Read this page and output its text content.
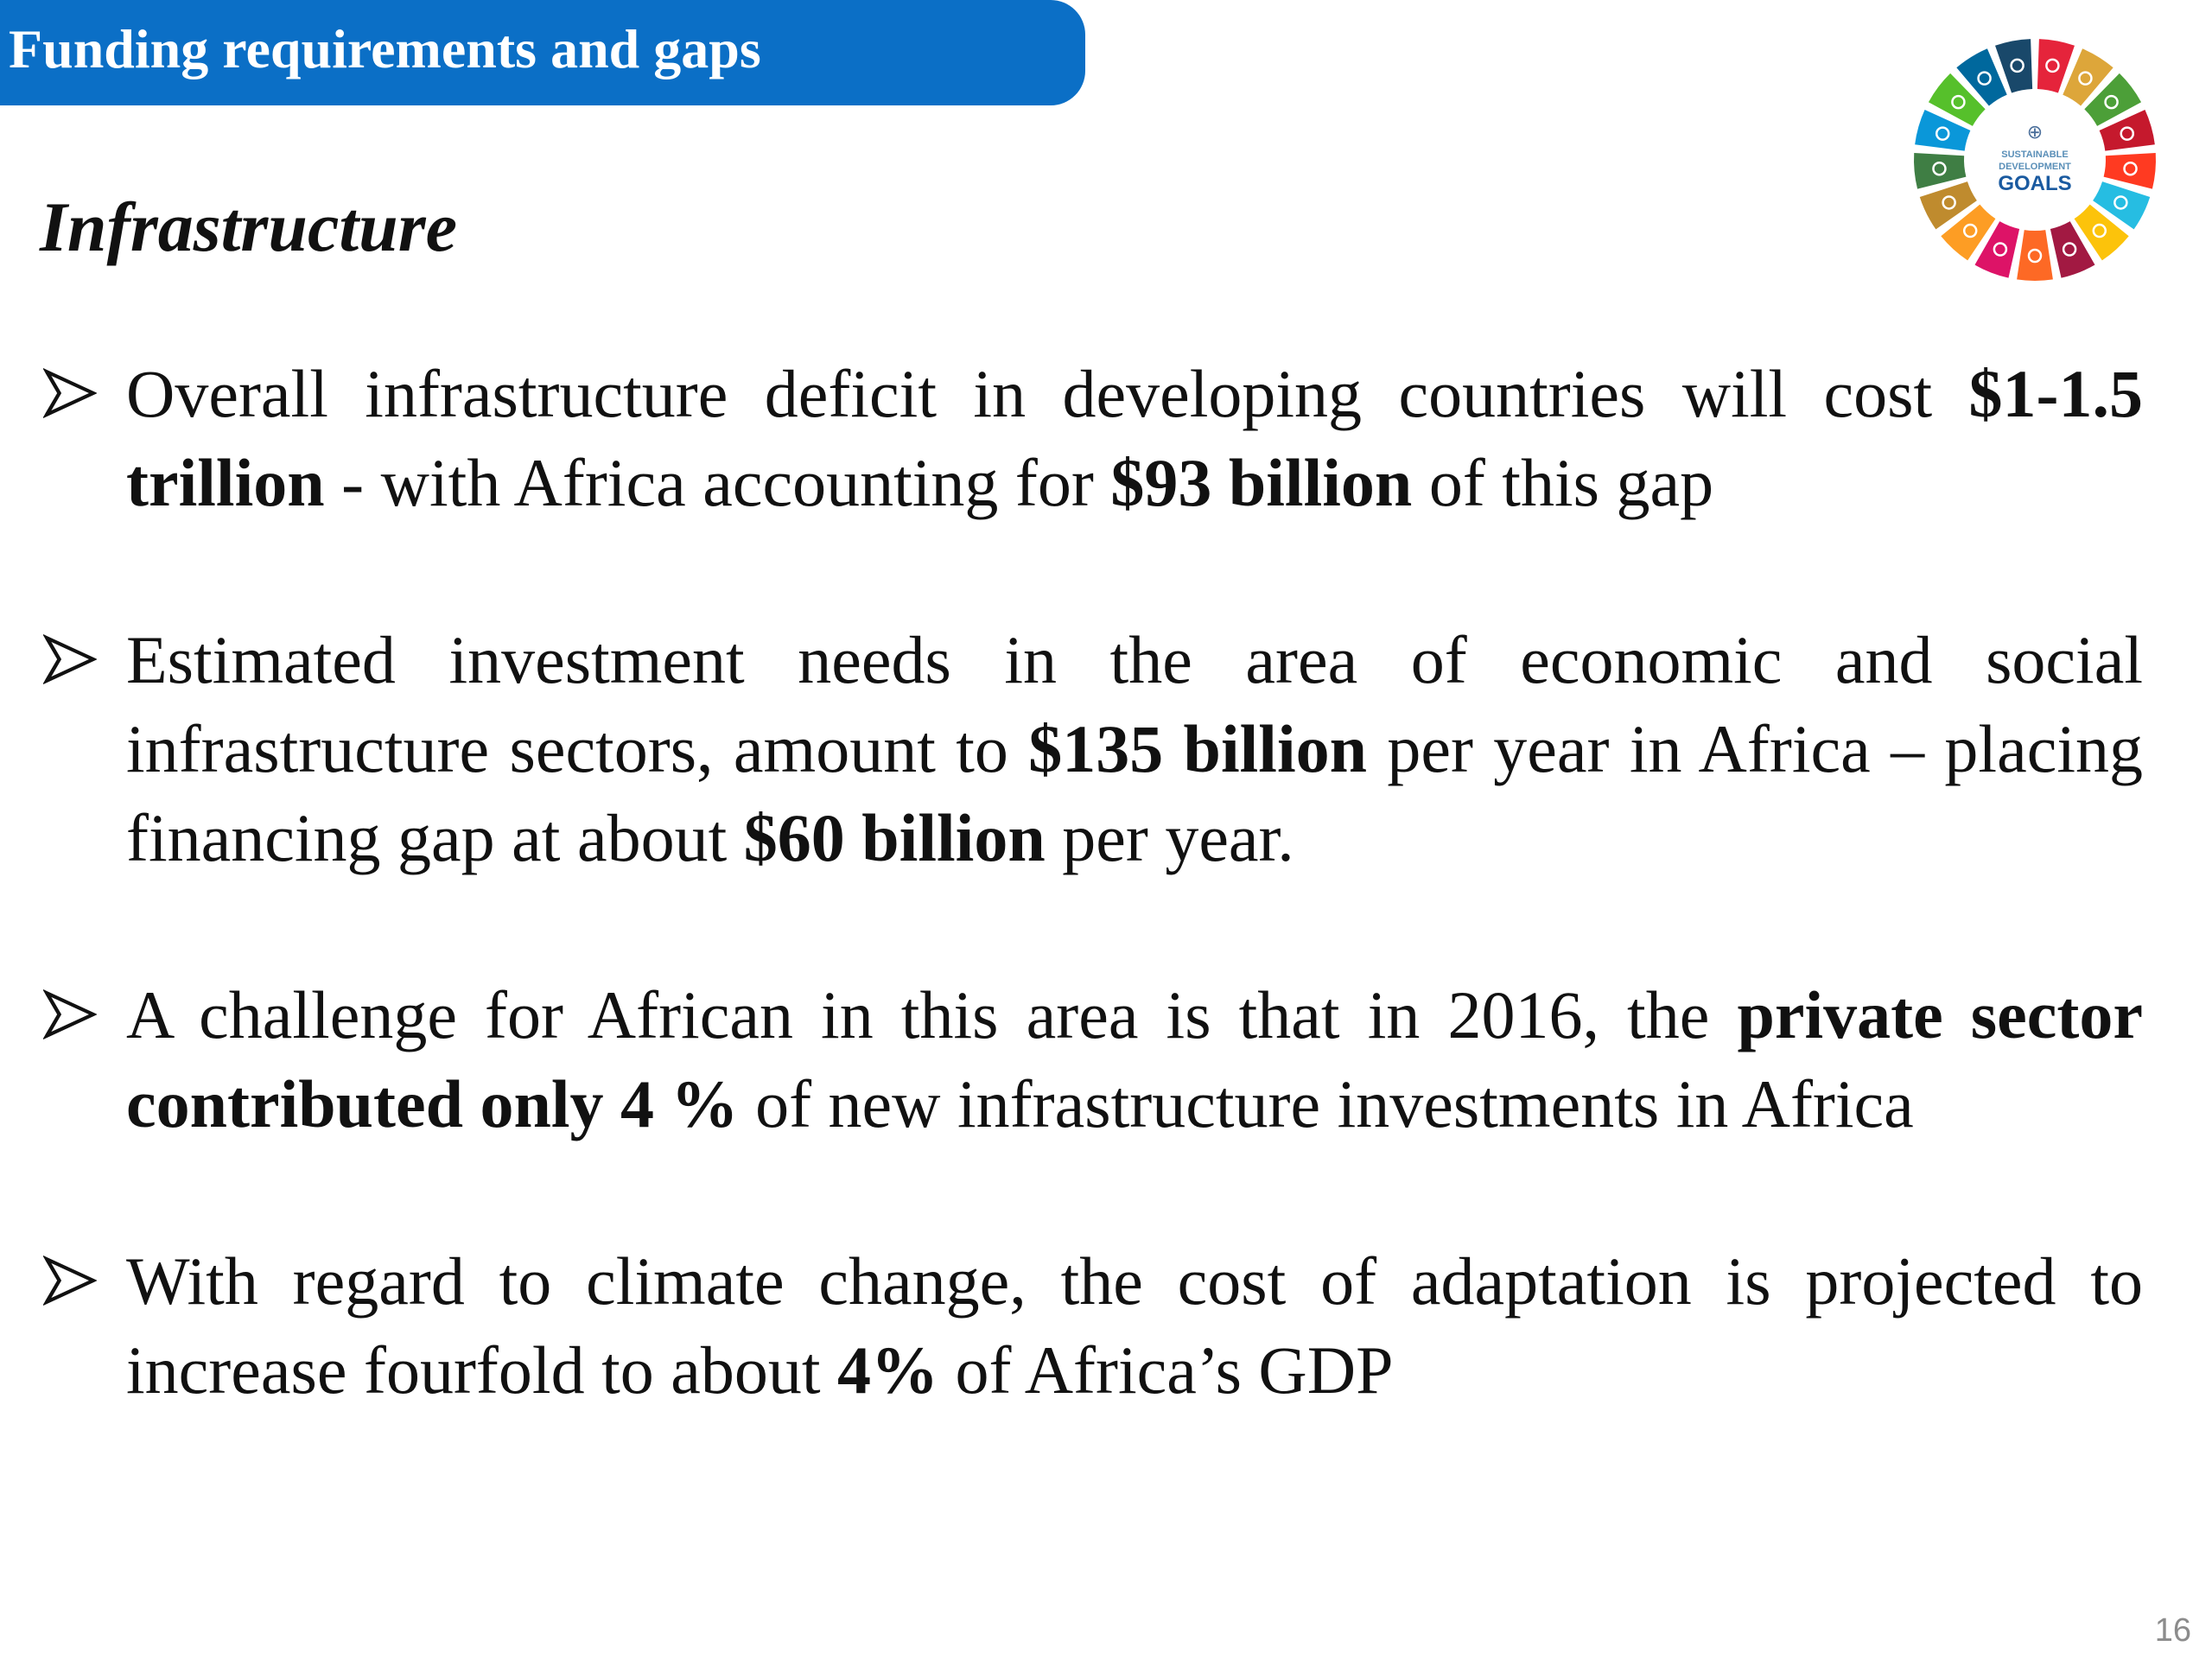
Funding requirements and gaps
Infrastructure
⊕
SUSTAINABLE
DEVELOPMENT
GOALS
Overall infrastructure deficit in developing countries will cost $1-1.5 trillion - with Africa accounting for $93 billion of this gap
Estimated investment needs in the area of economic and social infrastructure sectors, amount to $135 billion per year in Africa – placing financing gap at about $60 billion per year.
A challenge for African in this area is that in 2016, the private sector contributed only 4 % of new infrastructure investments in Africa
With regard to climate change, the cost of adaptation is projected to increase fourfold to about 4% of Africa’s GDP
16
